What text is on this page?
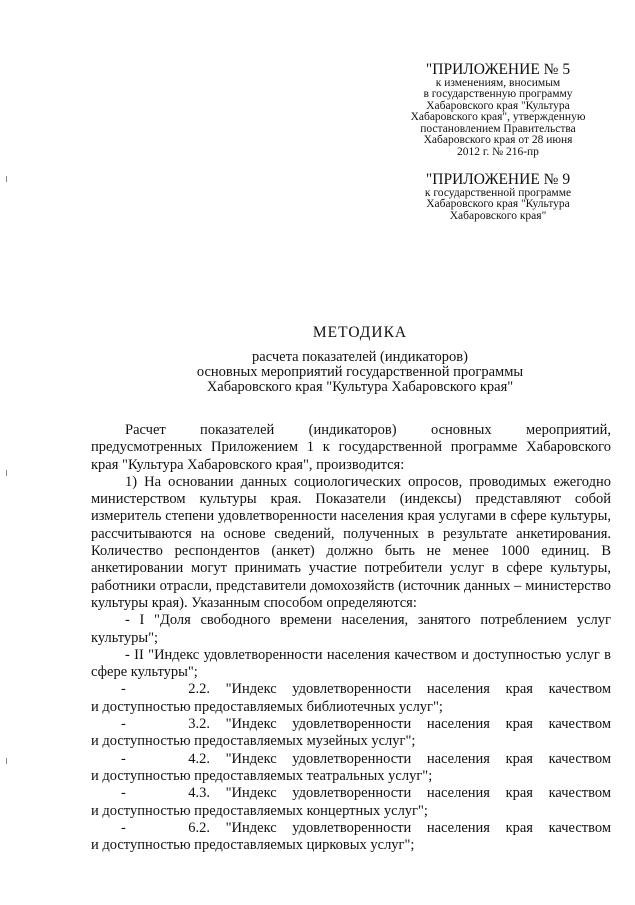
"ПРИЛОЖЕНИЕ № 5
к изменениям, вносимым
в государственную программу
Хабаровского края "Культура
Хабаровского края", утвержденную
постановлением Правительства
Хабаровского края от 28 июня
2012 г. № 216-пр
"ПРИЛОЖЕНИЕ № 9
к государственной программе
Хабаровского края "Культура
Хабаровского края"
МЕТОДИКА
расчета показателей (индикаторов)
основных мероприятий государственной программы
Хабаровского края "Культура Хабаровского края"

Расчет показателей (индикаторов) основных мероприятий,

предусмотренных Приложением 1 к государственной программе Хабаровского края "Культура Хабаровского края", производится:

1) На основании данных социологических опросов, проводимых ежегодно министерством культуры края. Показатели (индексы) представляют собой измеритель степени удовлетворенности населения края услугами в сфере культуры, рассчитываются на основе сведений, полученных в результате анкетирования. Количество респондентов (анкет) должно быть не менее 1000 единиц. В анкетировании могут принимать участие потребители услуг в сфере культуры, работники отрасли, представители домохозяйств (источник данных – министерство культуры края). Указанным способом определяются:

- I "Доля свободного времени населения, занятого потреблением услуг культуры";

- II "Индекс удовлетворенности населения качеством и доступностью услуг в сфере культуры";

-	2.2. "Индекс удовлетворенности населения края качеством

и доступностью предоставляемых библиотечных услуг";

-	3.2. "Индекс удовлетворенности населения края качеством

и доступностью предоставляемых музейных услуг";

-	4.2. "Индекс удовлетворенности населения края качеством

и доступностью предоставляемых театральных услуг";

-	4.3. "Индекс удовлетворенности населения края качеством

и доступностью предоставляемых концертных услуг";

-	6.2. "Индекс удовлетворенности населения края качеством

и доступностью предоставляемых цирковых услуг";
